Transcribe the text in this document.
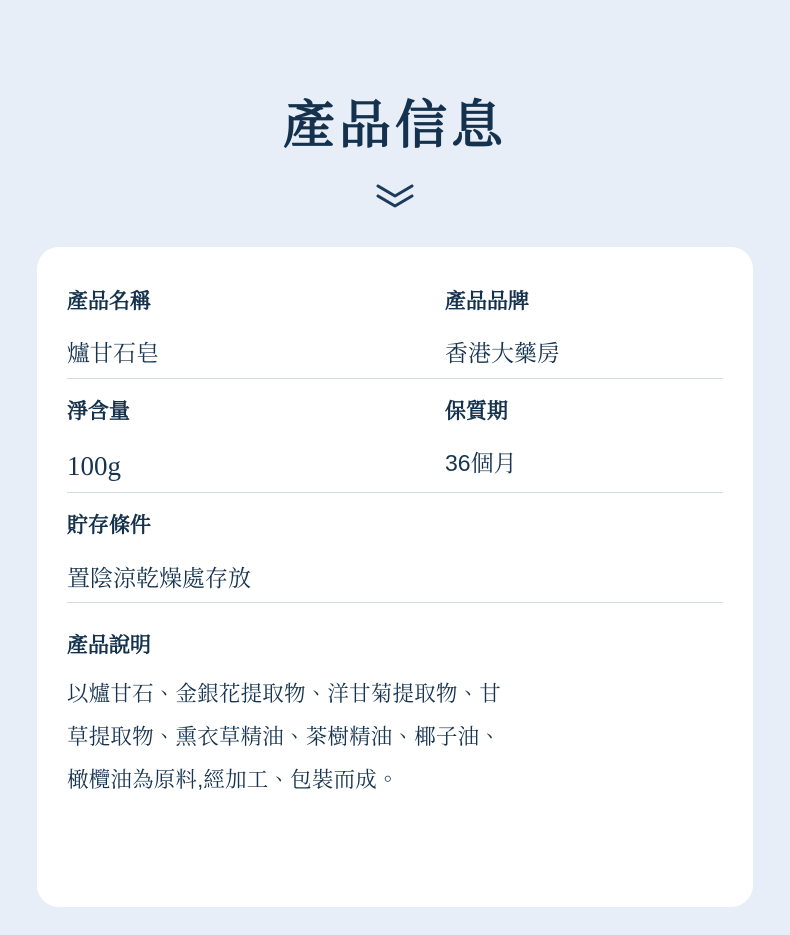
產品信息
產品名稱
爐甘石皂
產品品牌
香港大藥房
淨含量
100g
保質期
36個月
貯存條件
置陰涼乾燥處存放
產品說明
以爐甘石、金銀花提取物、洋甘菊提取物、甘
草提取物、熏衣草精油、茶樹精油、椰子油、
橄欖油為原料,經加工、包裝而成。
